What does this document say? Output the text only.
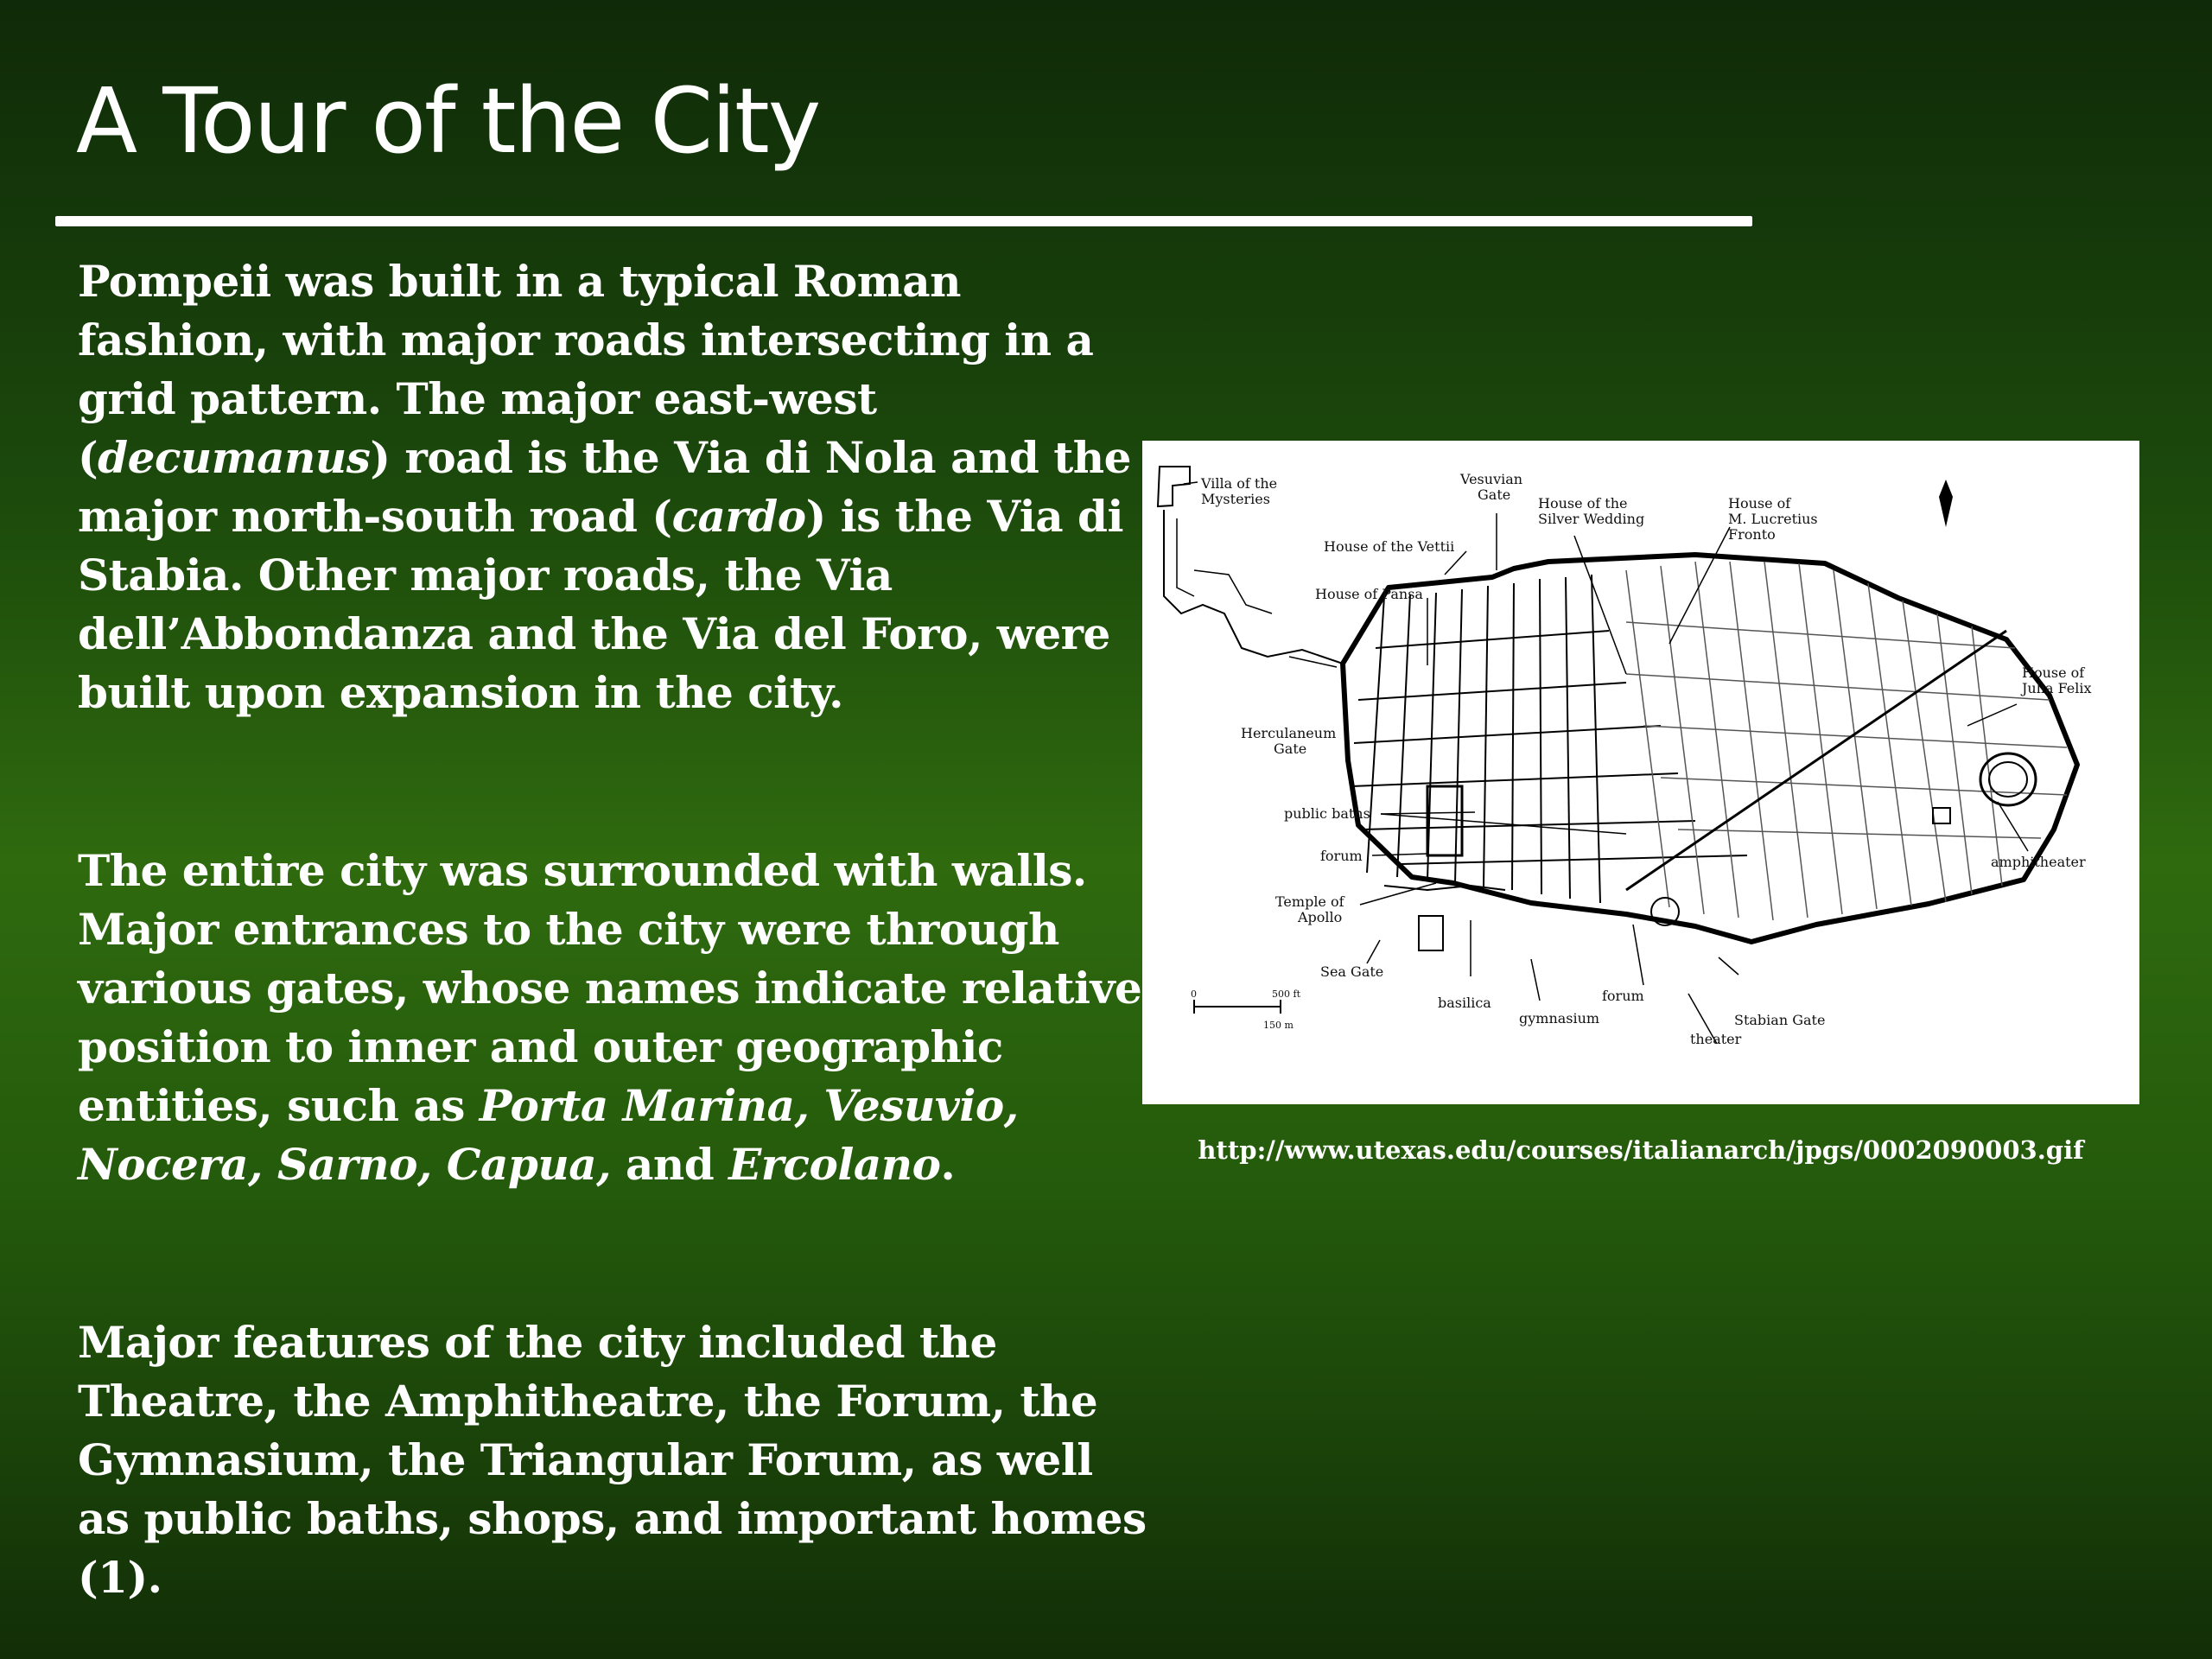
A Tour of the City

Pompeii was built in a typical Roman fashion, with major roads intersecting in a grid pattern. The major east-west (decumanus) road is the Via di Nola and the major north-south road (cardo) is the Via di Stabia. Other major roads, the Via dell’Abbondanza and the Via del Foro, were built upon expansion in the city.

The entire city was surrounded with walls. Major entrances to the city were through various gates, whose names indicate relative position to inner and outer geographic entities, such as Porta Marina, Vesuvio, Nocera, Sarno, Capua, and Ercolano.

Major features of the city included the Theatre, the Amphitheatre, the Forum, the Gymnasium, the Triangular Forum, as well as public baths, shops, and important homes (1).

Villa of the
Mysteries
Vesuvian
Gate
House of the
Silver Wedding
House of
M. Lucretius
Fronto
House of the Vettii
House of Pansa
House of
Julia Felix
Herculaneum
Gate
public baths
forum
Temple of
Apollo
amphitheater
Sea Gate
basilica	forum
gymnasium	Stabian Gate
theater
0	500 ft
150 m

http://www.utexas.edu/courses/italianarch/jpgs/0002090003.gif
